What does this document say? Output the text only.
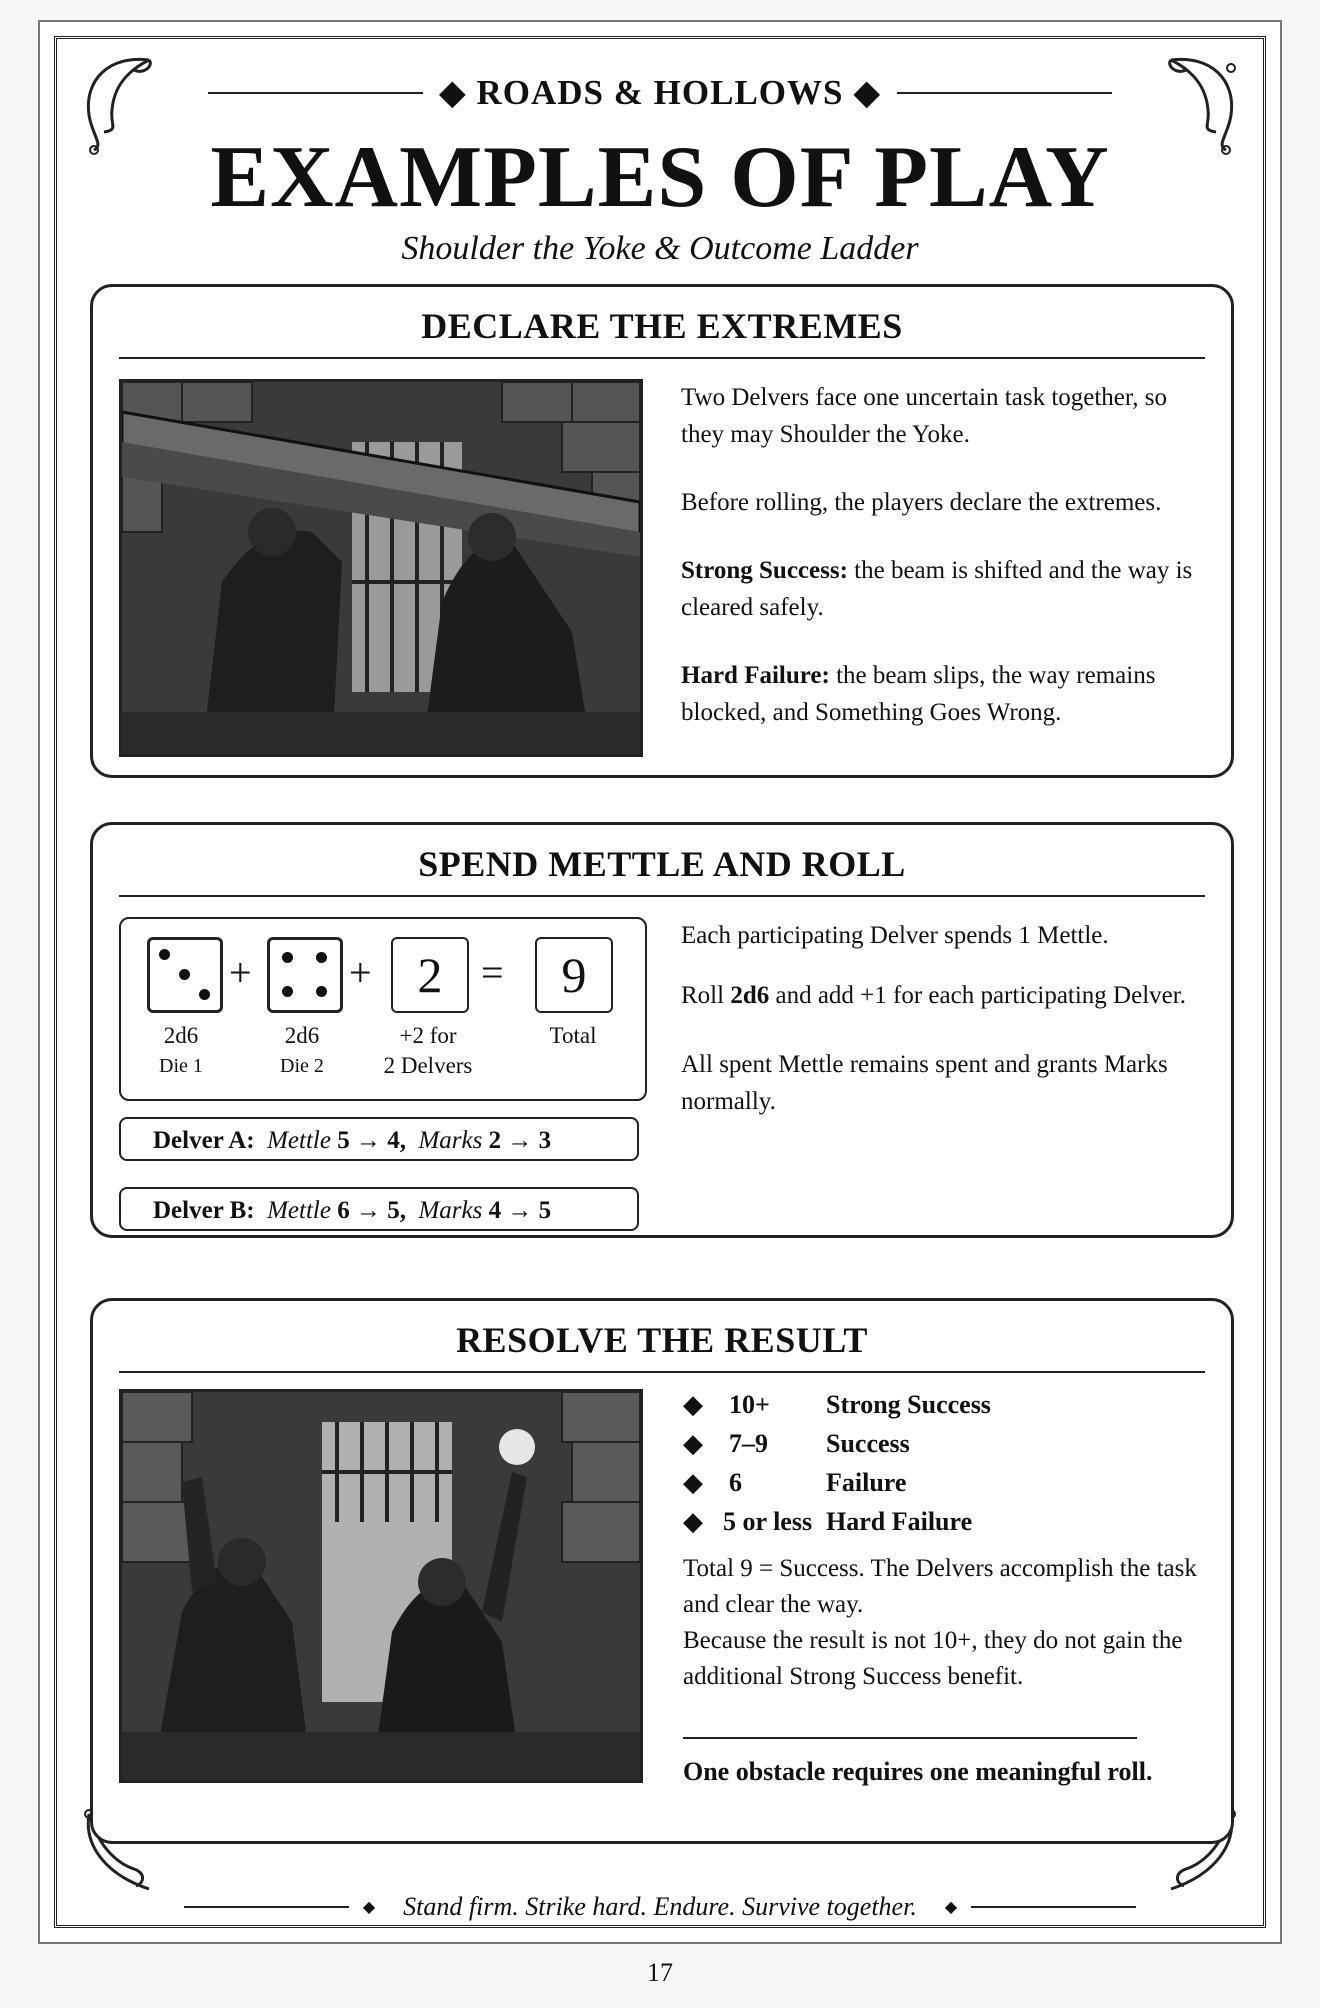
◆ ROADS & HOLLOWS ◆
EXAMPLES OF PLAY
Shoulder the Yoke & Outcome Ladder
DECLARE THE EXTREMES

Two Delvers face one uncertain task together, so they may Shoulder the Yoke.

Before rolling, the players declare the extremes.

Strong Success: the beam is shifted and the way is cleared safely.

Hard Failure: the beam slips, the way remains blocked, and Something Goes Wrong.

SPEND METTLE AND ROLL
+ + 2 =	9
2d6
Die 1
2d6
Die 2
+2 for
2 Delvers
Total
Delver A: Mettle 5 → 4, Marks 2 → 3
Delver B: Mettle 6 → 5, Marks 4 → 5

Each participating Delver spends 1 Mettle.

Roll 2d6 and add +1 for each participating Delver.

All spent Mettle remains spent and grants Marks normally.

RESOLVE THE RESULT
◆ 10+ Strong Success
◆ 7–9 Success
◆ 6	Failure
◆ 5 or less Hard Failure
Total 9 = Success. The Delvers accomplish the task and clear the way.
Because the result is not 10+, they do not gain the additional Strong Success benefit.
One obstacle requires one meaningful roll.
◆ Stand firm. Strike hard. Endure. Survive together. ◆
17
